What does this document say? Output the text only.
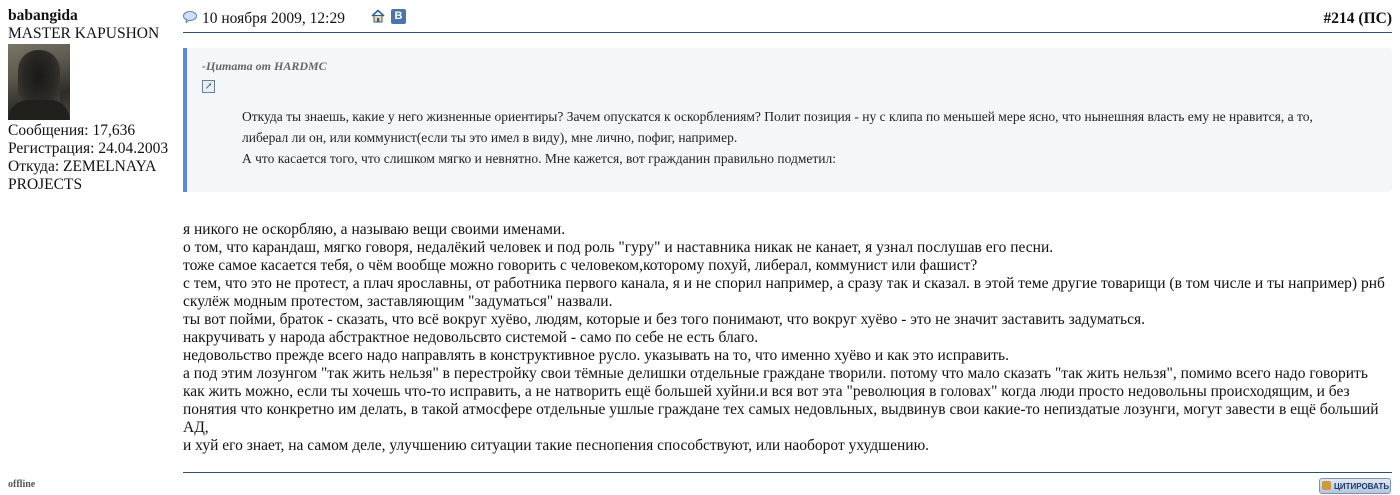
babangida
MASTER KAPUSHON
Сообщения: 17,636
Регистрация: 24.04.2003
Откуда: ZEMELNAYA
PROJECTS
offline
10 ноября 2009, 12:29	В	#214 (ПС)
-Цитата от HARDMC
↗

Откуда ты знаешь, какие у него жизненные ориентиры? Зачем опускатся к оскорблениям? Полит позиция - ну с клипа по меньшей мере ясно, что нынешняя власть ему не нравится, а то, либерал ли он, или коммунист(если ты это имел в виду), мне лично, пофиг, например.

А что касается того, что слишком мягко и невнятно. Мне кажется, вот гражданин правильно подметил:

я никого не оскорбляю, а называю вещи своими именами.

о том, что карандаш, мягко говоря, недалёкий человек и под роль "гуру" и наставника никак не канает, я узнал послушав его песни.

тоже самое касается тебя, о чём вообще можно говорить с человеком,которому похуй, либерал, коммунист или фашист?

с тем, что это не протест, а плач ярославны, от работника первого канала, я и не спорил например, а сразу так и сказал. в этой теме другие товарищи (в том числе и ты например) рнб скулёж модным протестом, заставляющим "задуматься" назвали.

ты вот пойми, браток - сказать, что всё вокруг хуёво, людям, которые и без того понимают, что вокруг хуёво - это не значит заставить задуматься.

накручивать у народа абстрактное недовольсвто системой - само по себе не есть благо.

недовольство прежде всего надо направлять в конструктивное русло. указывать на то, что именно хуёво и как это исправить.

а под этим лозунгом "так жить нельзя" в перестройку свои тёмные делишки отдельные граждане творили. потому что мало сказать "так жить нельзя", помимо всего надо говорить как жить можно, если ты хочешь что-то исправить, а не натворить ещё большей хуйни.и вся вот эта "революция в головах" когда люди просто недовольны происходящим, и без понятия что конкретно им делать, в такой атмосфере отдельные ушлые граждане тех самых недовльных, выдвинув свои какие-то непиздатые лозунги, могут завести в ещё больший АД,

и хуй его знает, на самом деле, улучшению ситуации такие песнопения способствуют, или наоборот ухудшению.

ЦИТИРОВАТЬ
